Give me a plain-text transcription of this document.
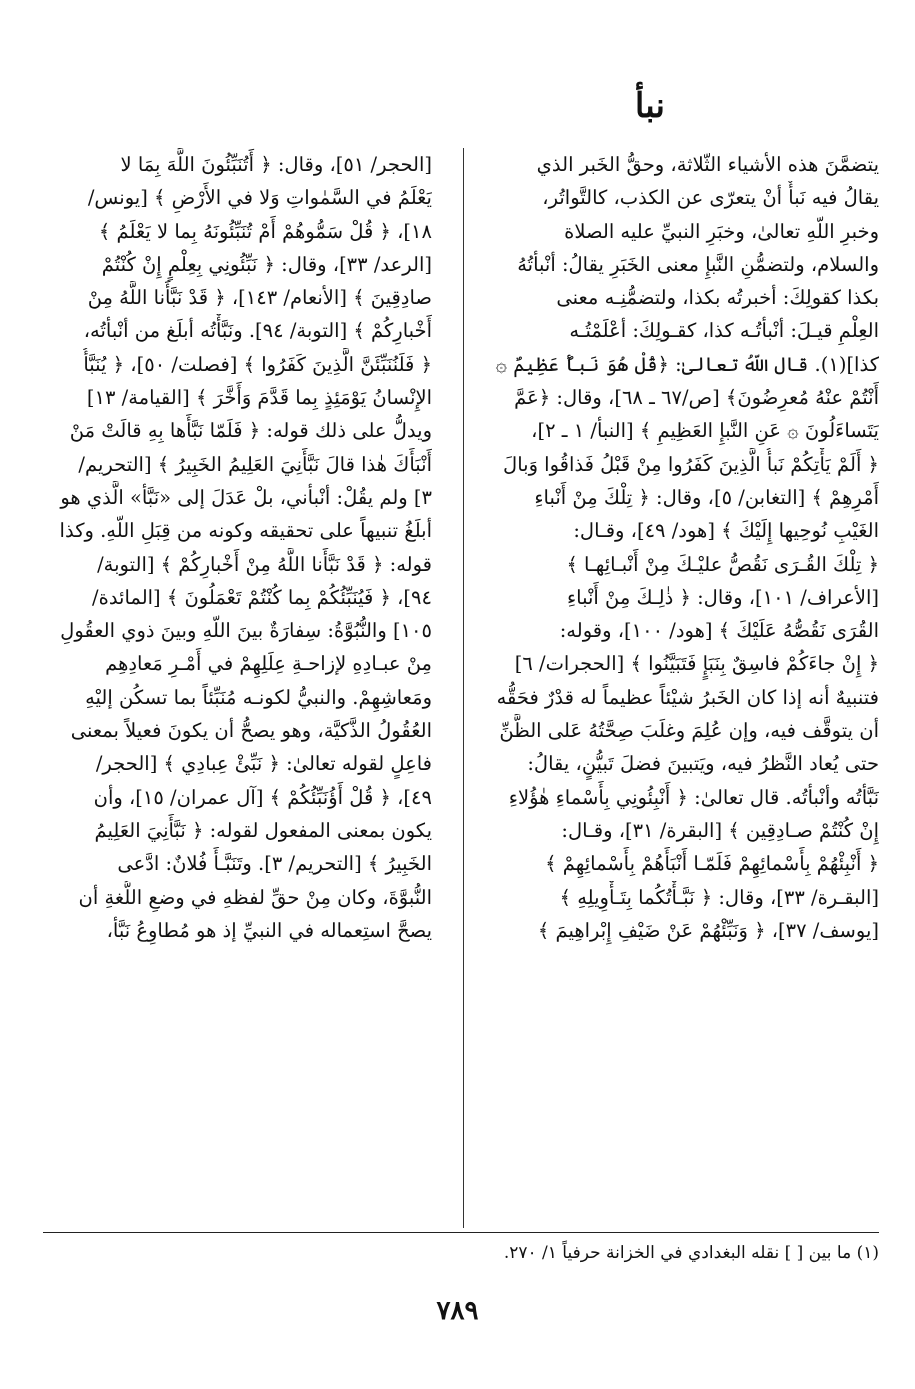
نبأ
يتضمَّنَ هذه الأشياء الثّلاثة، وحقُّ الخَبر الذي
يقالُ فيه نَبأٌ أنْ يتعرّى عن الكذب، كالتَّواتُر،
وخبرِ اللّهِ تعالىٰ، وخبَرِ النبيِّ عليه الصلاة
والسلام، ولتضمُّنِ النَّبإِ معنى الخَبَرِ يقالُ: أنْبأتُهُ
بكذا كقولِكَ: أخبرتُه بكذا، ولتضمُّنِـه معنى
العِلْمِ قيـلَ: أنْبأتُـه كذا، كقـولِكَ: أعْلَمْتُـه
كذا](١). قال اللّهُ تعالىٰ: ﴿قُلْ هُوَ نَبأٌ عَظِيمٌ ۞
أَنْتُمْ عنْهُ مُعرِضُونَ﴾ [ص/٦٧ ـ ٦٨]، وقال: ﴿عَمَّ
يَتَساءَلُونَ ۞ عَنِ النَّبإِ العَظِيمِ ﴾ [النبأ/ ١ ـ ٢]،
﴿ أَلَمْ يَأْتِكُمْ نَبأُ الَّذِينَ كَفَرُوا مِنْ قَبْلُ فَذاقُوا وَبالَ
أَمْرِهِمْ ﴾ [التغابن/ ٥]، وقال: ﴿ تِلْكَ مِنْ أَنْباءِ
الغَيْبِ نُوحِيها إِلَيْكَ ﴾ [هود/ ٤٩]، وقـال:
﴿ تِلْكَ القُـرَى نَقُصُّ عليْـكَ مِنْ أَنْبـائِهـا ﴾
[الأعراف/ ١٠١]، وقال: ﴿ ذٰلِـكَ مِنْ أَنْباءِ
القُرَى نَقُصُّهُ عَلَيْكَ ﴾ [هود/ ١٠٠]، وقوله:
﴿ إِنْ جاءَكُمْ فاسِقٌ بِنَبَإٍ فَتَبَيَّنُوا ﴾ [الحجرات/ ٦]
فتنبيهٌ أنه إذا كان الخَبرُ شيْئاً عظيماً له قدْرٌ فحَقُّه
أن يتوقَّف فيه، وإن عُلِمَ وغلَبَ صِحَّتُهُ عَلى الظَّنِّ
حتى يُعاد النَّظرُ فيه، ويَتبينَ فضلَ تَبيُّنٍ، يقالُ:
نَبَّأتُه وأنْبأتُه. قال تعالىٰ: ﴿ أَنْبِئُونِي بِأَسْماءِ هٰؤُلاءِ
إِنْ كُنْتُمْ صـادِقِين ﴾ [البقرة/ ٣١]، وقـال:
﴿ أَنْبِئْهُمْ بِأَسْمائِهِمْ فَلَمّـا أَنْبَأَهُمْ بِأَسْمائِهِمْ ﴾
[البقـرة/ ٣٣]، وقال: ﴿ نَبَّـأْتُكُما بِتَـأْوِيلِهِ ﴾
[يوسف/ ٣٧]، ﴿ وَنَبِّئْهُمْ عَنْ ضَيْفِ إِبْراهِيمَ ﴾
[الحجر/ ٥١]، وقال: ﴿ أَتُنَبِّئُونَ اللَّهَ بِمَا لا
يَعْلَمُ في السَّمٰواتِ وَلا في الأَرْضِ ﴾ [يونس/
١٨]، ﴿ قُلْ سَمُّوهُمْ أَمْ تُنَبِّئُونَهُ بِما لا يَعْلَمُ ﴾
[الرعد/ ٣٣]، وقال: ﴿ نَبِّئُونِي بِعِلْمٍ إِنْ كُنْتُمْ
صادِقِينَ ﴾ [الأنعام/ ١٤٣]، ﴿ قَدْ نَبَّأَنا اللَّهُ مِنْ
أَخْبارِكُمْ ﴾ [التوبة/ ٩٤]. ونَبَّأْتُه أبلَغ من أنْبأتُه،
﴿ فَلَنُنَبِّئَنَّ الَّذِينَ كَفَرُوا ﴾ [فصلت/ ٥٠]، ﴿ يُنَبَّأُ
الإِنْسانُ يَوْمَئِذٍ بِما قَدَّمَ وَأَخَّرَ ﴾ [القيامة/ ١٣]
ويدلُّ على ذلك قوله: ﴿ فَلَمّا نَبَّأَها بِهِ قالَتْ مَنْ
أَنْبَأَكَ هٰذا قالَ نَبَّأَنِيَ العَلِيمُ الخَبِيرُ ﴾ [التحريم/
٣] ولم يقُلْ: أنْبأني، بلْ عَدَلَ إلى «نَبَّأ» الَّذي هو
أبلَغُ تنبيهاً على تحقيقه وكونه من قِبَلِ اللّهِ. وكذا
قوله: ﴿ قَدْ نَبَّأَنا اللَّهُ مِنْ أَخْبارِكُمْ ﴾ [التوبة/
٩٤]، ﴿ فَيُنَبِّئُكُمْ بِما كُنْتُمْ تَعْمَلُونَ ﴾ [المائدة/
١٠٥] والنُّبُوَّةُ: سِفارَةٌ بينَ اللّهِ وبينَ ذوي العقُولِ
مِنْ عبـادِهِ لإزاحـةِ عِلَلِهِمْ في أَمْـرِ مَعادِهِم
ومَعاشِهِمْ. والنبيُّ لكونـه مُنَبِّئاً بما تسكُن إليْهِ
العُقُولُ الذَّكيَّة، وهو يصحُّ أن يكونَ فعيلاً بمعنى
فاعِلٍ لقوله تعالىٰ: ﴿ نَبِّئْ عِبادِي ﴾ [الحجر/
٤٩]، ﴿ قُلْ أَؤُنَبِّئُكُمْ ﴾ [آل عمران/ ١٥]، وأن
يكون بمعنى المفعول لقوله: ﴿ نَبَّأَنِيَ العَلِيمُ
الخَبِيرُ ﴾ [التحريم/ ٣]. وتَنَبَّـأَ فُلانٌ: ادَّعى
النُّبوَّةَ، وكان مِنْ حقِّ لفظهِ في وضعِ اللُّغةِ أن
يصحَّ استِعماله في النبيِّ إذ هو مُطاوِعُ نَبَّأ،
(١) ما بين [ ] نقله البغدادي في الخزانة حرفياً ١/ ٢٧٠.
٧٨٩
